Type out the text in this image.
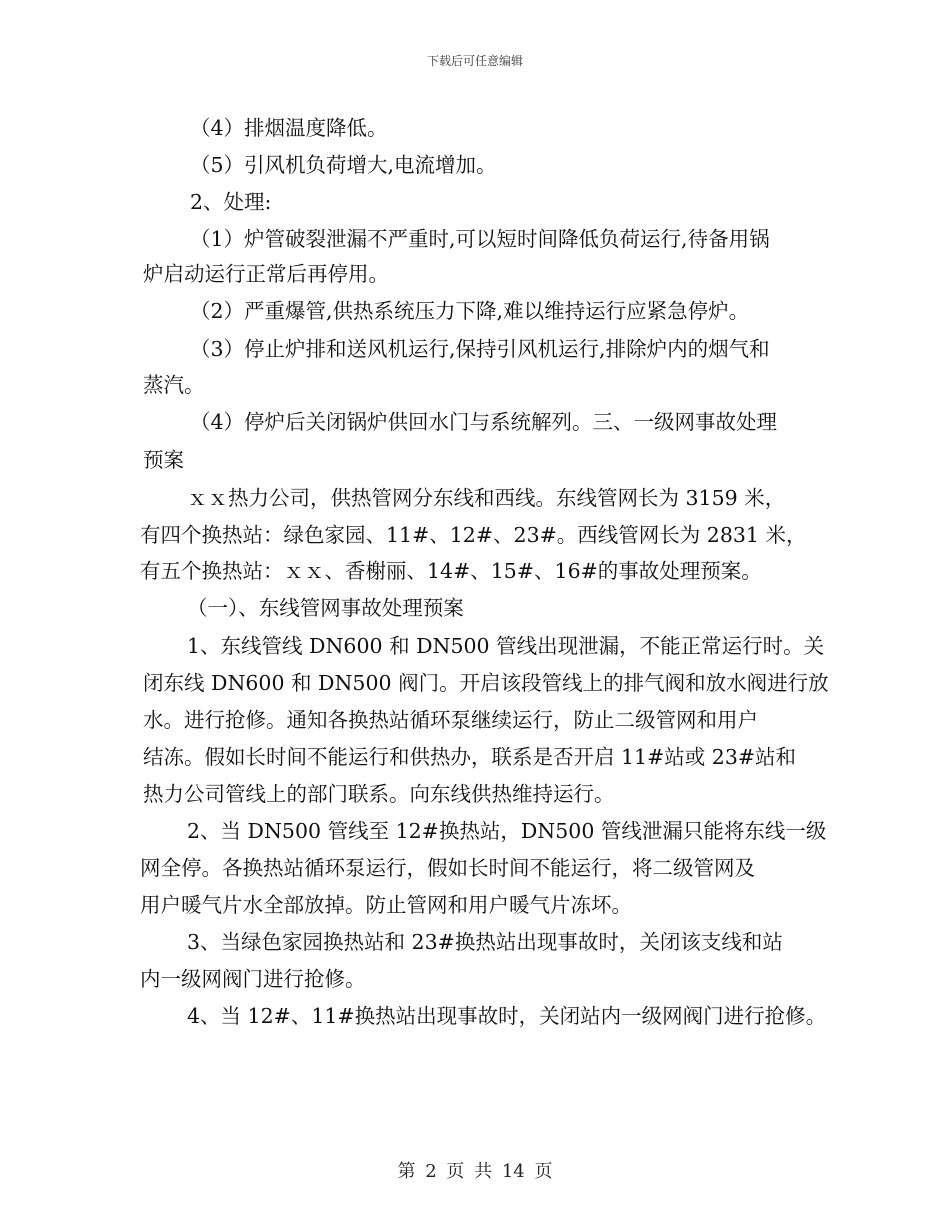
下载后可任意编辑
（4）排烟温度降低。
（5）引风机负荷增大,电流增加。
2、处理:
（1）炉管破裂泄漏不严重时,可以短时间降低负荷运行,待备用锅
炉启动运行正常后再停用。
（2）严重爆管,供热系统压力下降,难以维持运行应紧急停炉。
（3）停止炉排和送风机运行,保持引风机运行,排除炉内的烟气和
蒸汽。
（4）停炉后关闭锅炉供回水门与系统解列。三、一级网事故处理
预案
ｘｘ热力公司，供热管网分东线和西线。东线管网长为 3159 米，
有四个换热站：绿色家园、11#、12#、23#。西线管网长为 2831 米，
有五个换热站：ｘｘ、香榭丽、14#、15#、16#的事故处理预案。
（一）、东线管网事故处理预案
1、东线管线 DN600 和 DN500 管线出现泄漏，不能正常运行时。关
闭东线 DN600 和 DN500 阀门。开启该段管线上的排气阀和放水阀进行放
水。进行抢修。通知各换热站循环泵继续运行，防止二级管网和用户
结冻。假如长时间不能运行和供热办，联系是否开启 11#站或 23#站和
热力公司管线上的部门联系。向东线供热维持运行。
2、当 DN500 管线至 12#换热站，DN500 管线泄漏只能将东线一级
网全停。各换热站循环泵运行，假如长时间不能运行，将二级管网及
用户暖气片水全部放掉。防止管网和用户暖气片冻坏。
3、当绿色家园换热站和 23#换热站出现事故时，关闭该支线和站
内一级网阀门进行抢修。
4、当 12#、11#换热站出现事故时，关闭站内一级网阀门进行抢修。
第 2 页 共 14 页
